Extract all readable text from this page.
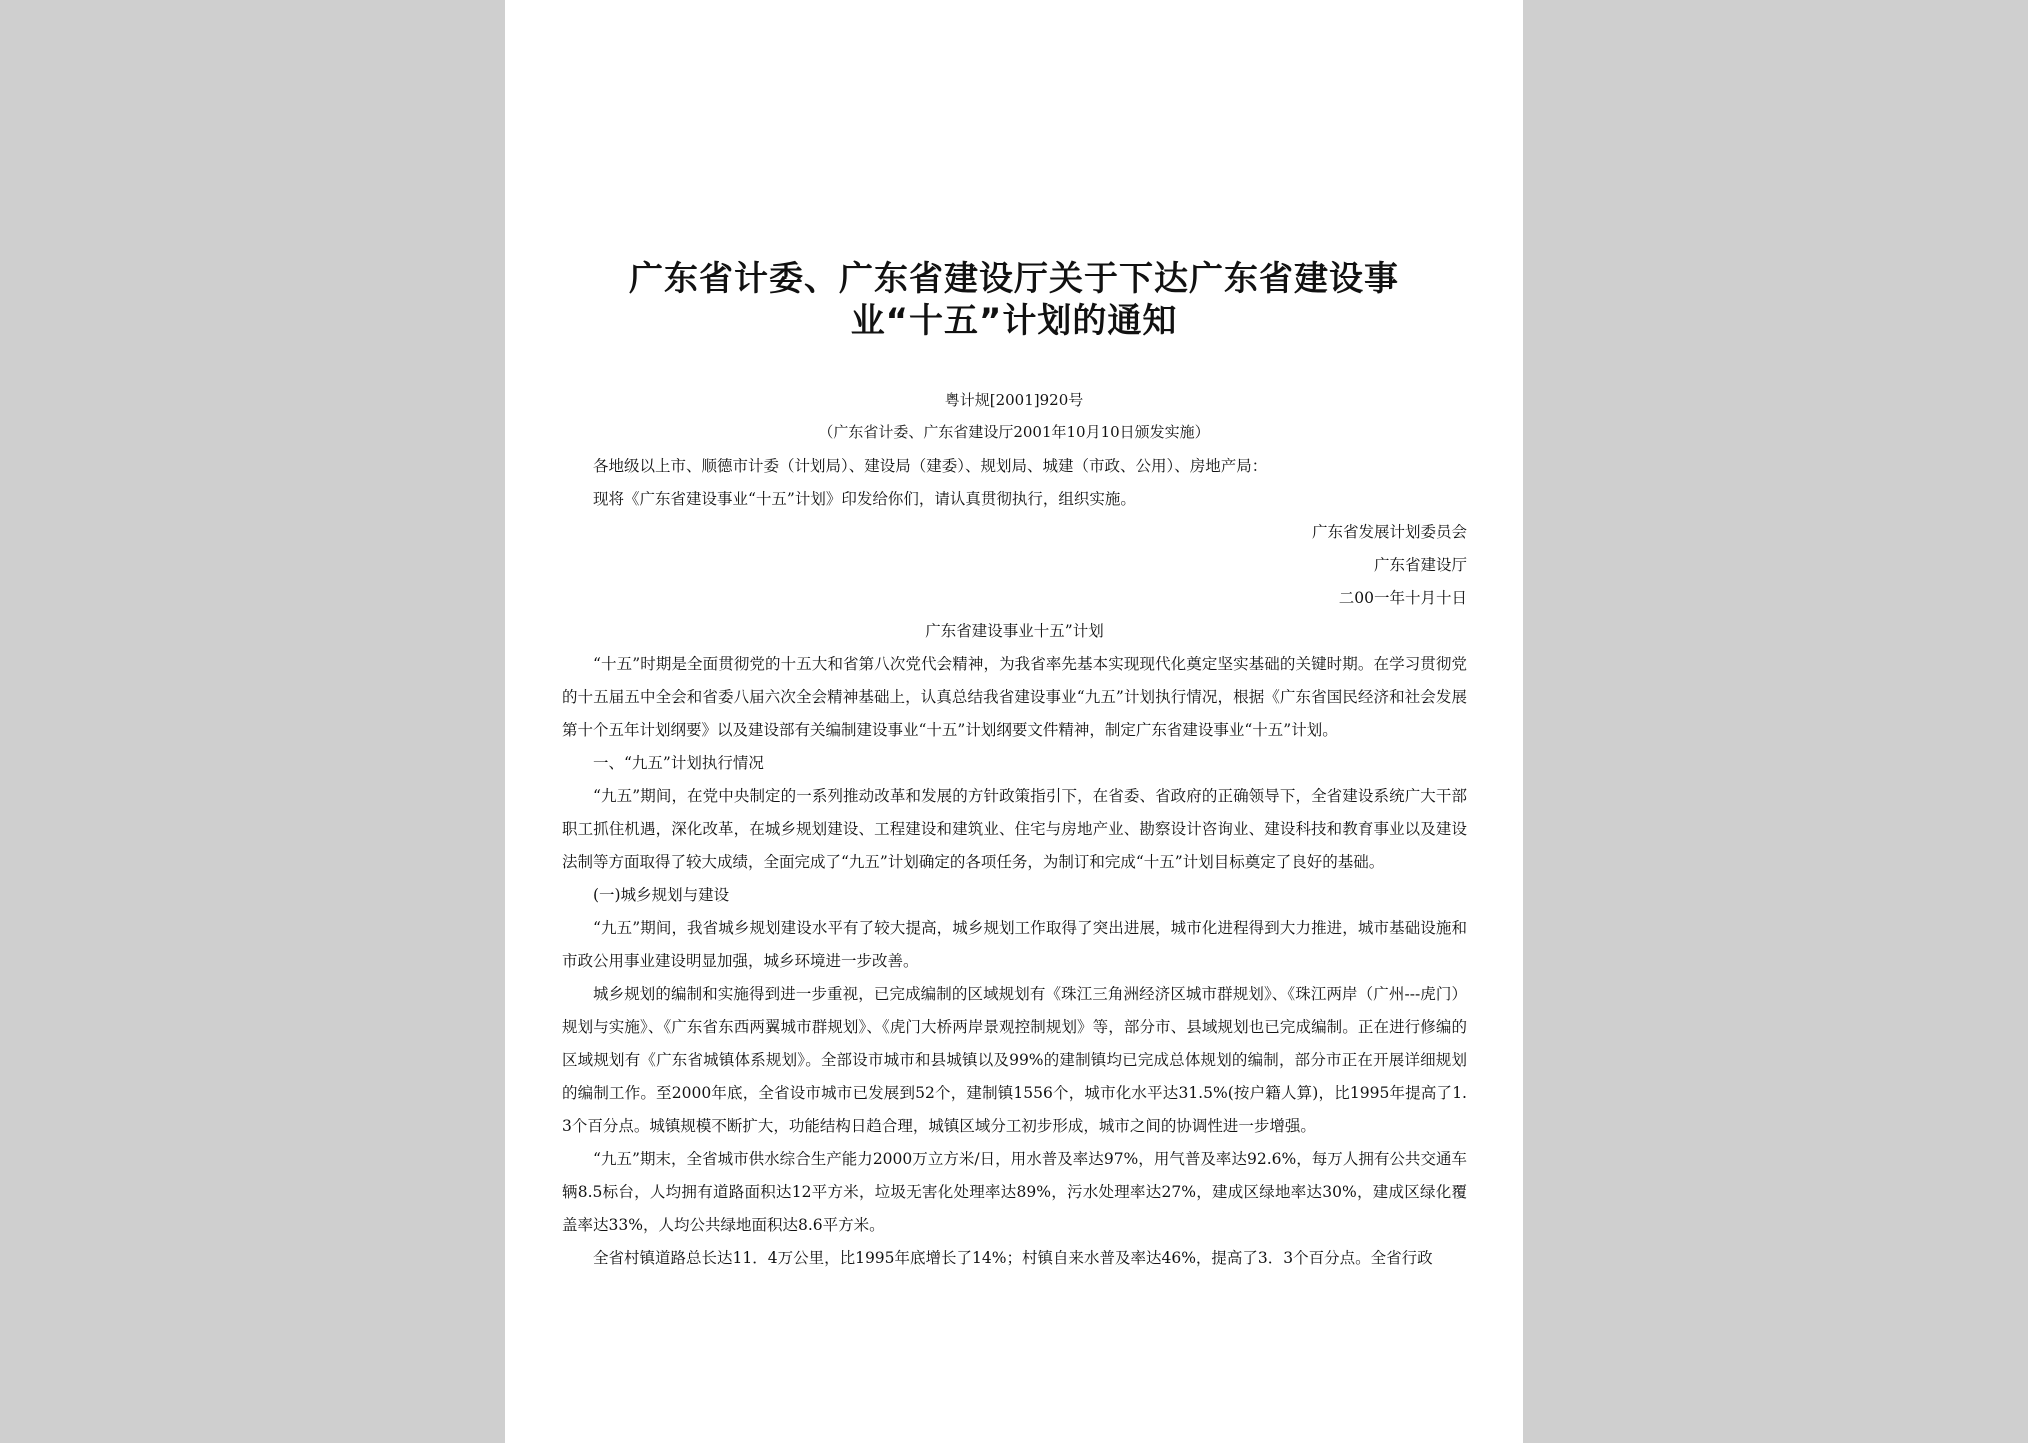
广东省计委、广东省建设厅关于下达广东省建设事
业“十五”计划的通知
粤计规[2001]920号
（广东省计委、广东省建设厅2001年10月10日颁发实施）

各地级以上市、顺德市计委（计划局）、建设局（建委）、规划局、城建（市政、公用）、房地产局：

现将《广东省建设事业“十五”计划》印发给你们，请认真贯彻执行，组织实施。

广东省发展计划委员会

广东省建设厅

二00一年十月十日

广东省建设事业十五”计划

“十五”时期是全面贯彻党的十五大和省第八次党代会精神，为我省率先基本实现现代化奠定坚实基础的关键时期。在学习贯彻党的十五届五中全会和省委八届六次全会精神基础上，认真总结我省建设事业“九五”计划执行情况，根据《广东省国民经济和社会发展第十个五年计划纲要》以及建设部有关编制建设事业“十五”计划纲要文件精神，制定广东省建设事业“十五”计划。

一、“九五”计划执行情况

“九五”期间，在党中央制定的一系列推动改革和发展的方针政策指引下，在省委、省政府的正确领导下，全省建设系统广大干部职工抓住机遇，深化改革，在城乡规划建设、工程建设和建筑业、住宅与房地产业、勘察设计咨询业、建设科技和教育事业以及建设法制等方面取得了较大成绩，全面完成了“九五”计划确定的各项任务，为制订和完成“十五”计划目标奠定了良好的基础。

(一)城乡规划与建设

“九五”期间，我省城乡规划建设水平有了较大提高，城乡规划工作取得了突出进展，城市化进程得到大力推进，城市基础设施和市政公用事业建设明显加强，城乡环境进一步改善。

城乡规划的编制和实施得到进一步重视，已完成编制的区域规划有《珠江三角洲经济区城市群规划》、《珠江两岸（广州---虎门）规划与实施》、《广东省东西两翼城市群规划》、《虎门大桥两岸景观控制规划》等，部分市、县域规划也已完成编制。正在进行修编的区域规划有《广东省城镇体系规划》。全部设市城市和县城镇以及99%的建制镇均已完成总体规划的编制，部分市正在开展详细规划的编制工作。至2000年底，全省设市城市已发展到52个，建制镇1556个，城市化水平达31.5%(按户籍人算)，比1995年提高了1.3个百分点。城镇规模不断扩大，功能结构日趋合理，城镇区域分工初步形成，城市之间的协调性进一步增强。

“九五”期末，全省城市供水综合生产能力2000万立方米/日，用水普及率达97%，用气普及率达92.6%，每万人拥有公共交通车辆8.5标台，人均拥有道路面积达12平方米，垃圾无害化处理率达89%，污水处理率达27%，建成区绿地率达30%，建成区绿化覆盖率达33%，人均公共绿地面积达8.6平方米。

全省村镇道路总长达11．4万公里，比1995年底增长了14%；村镇自来水普及率达46%，提高了3．3个百分点。全省行政
